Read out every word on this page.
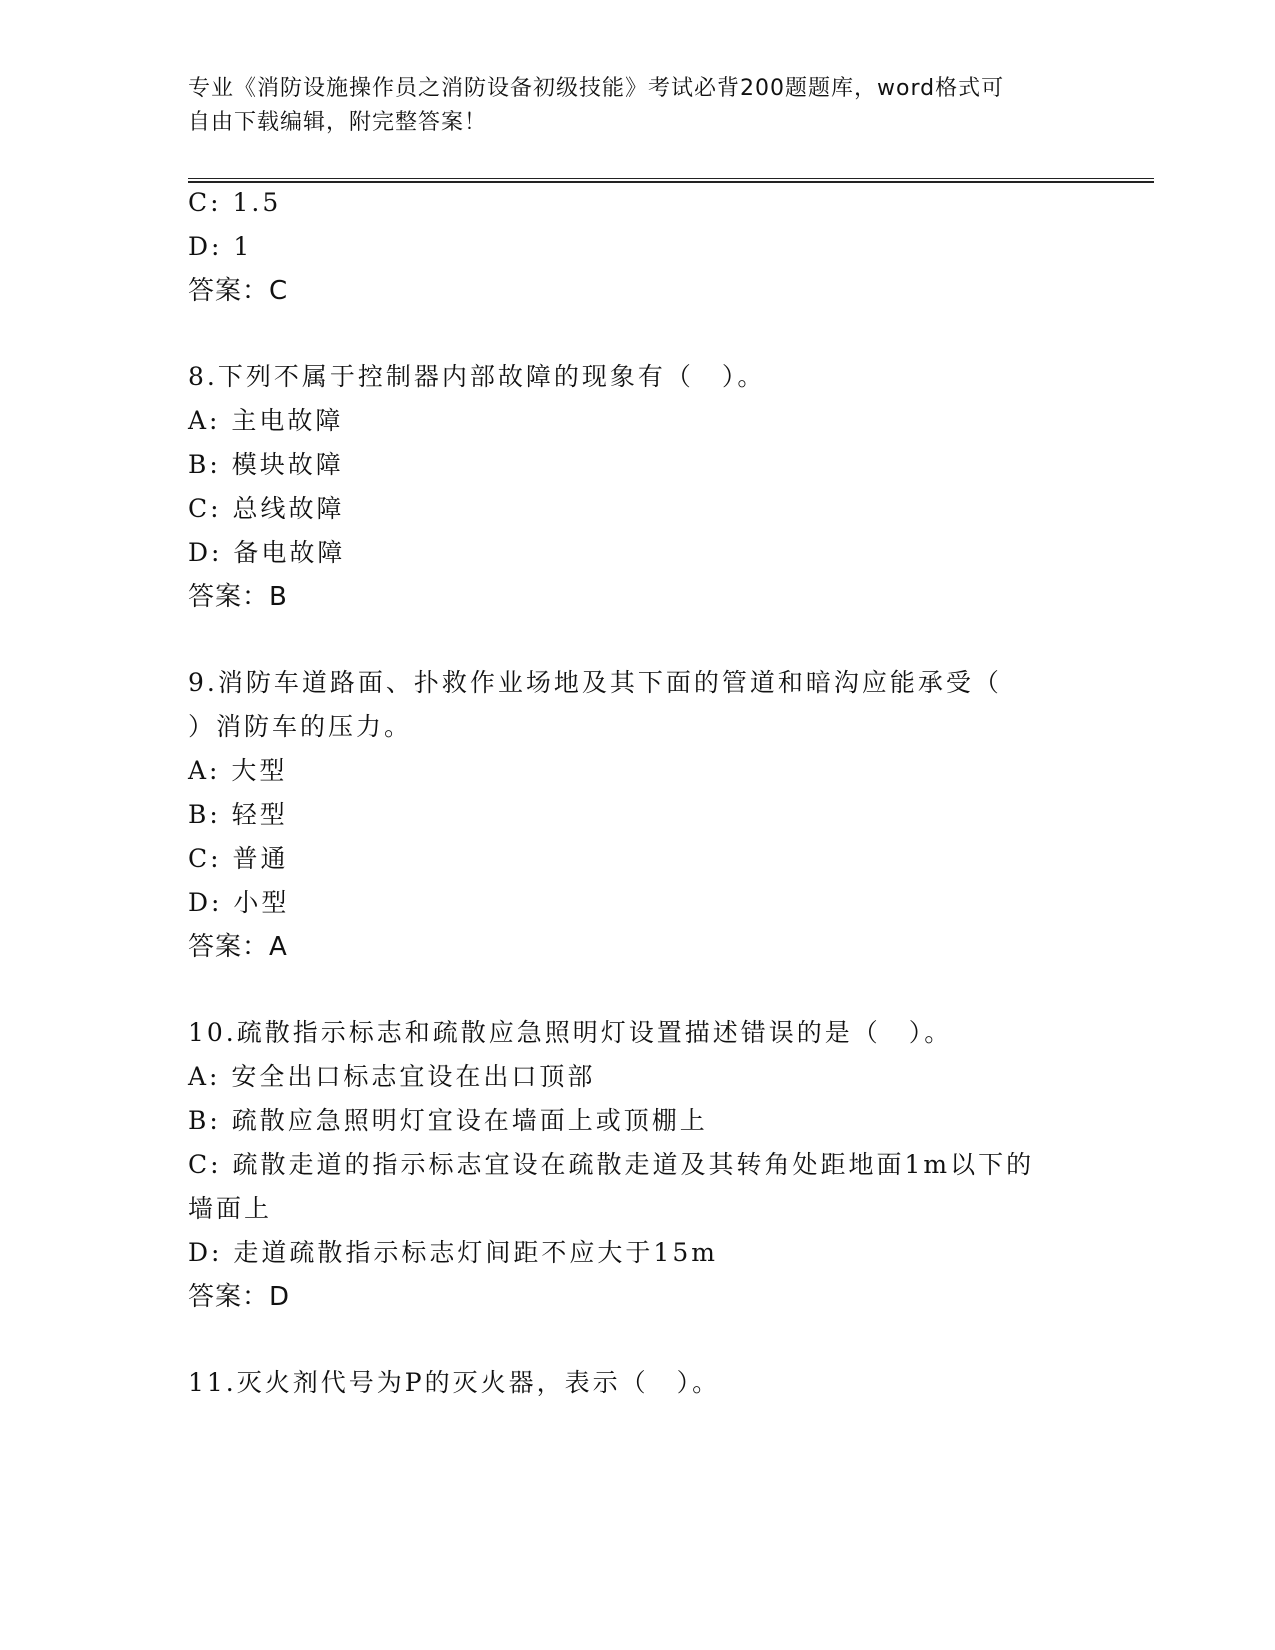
专业《消防设施操作员之消防设备初级技能》考试必背200题题库，word格式可
自由下载编辑，附完整答案！
C: 1.5
D: 1
答案：C
8.下列不属于控制器内部故障的现象有（　）。
A: 主电故障
B: 模块故障
C: 总线故障
D: 备电故障
答案：B
9.消防车道路面、扑救作业场地及其下面的管道和暗沟应能承受（
）消防车的压力。
A: 大型
B: 轻型
C: 普通
D: 小型
答案：A
10.疏散指示标志和疏散应急照明灯设置描述错误的是（　）。
A: 安全出口标志宜设在出口顶部
B: 疏散应急照明灯宜设在墙面上或顶棚上
C: 疏散走道的指示标志宜设在疏散走道及其转角处距地面1m以下的
墙面上
D: 走道疏散指示标志灯间距不应大于15m
答案：D
11.灭火剂代号为P的灭火器，表示（　）。
